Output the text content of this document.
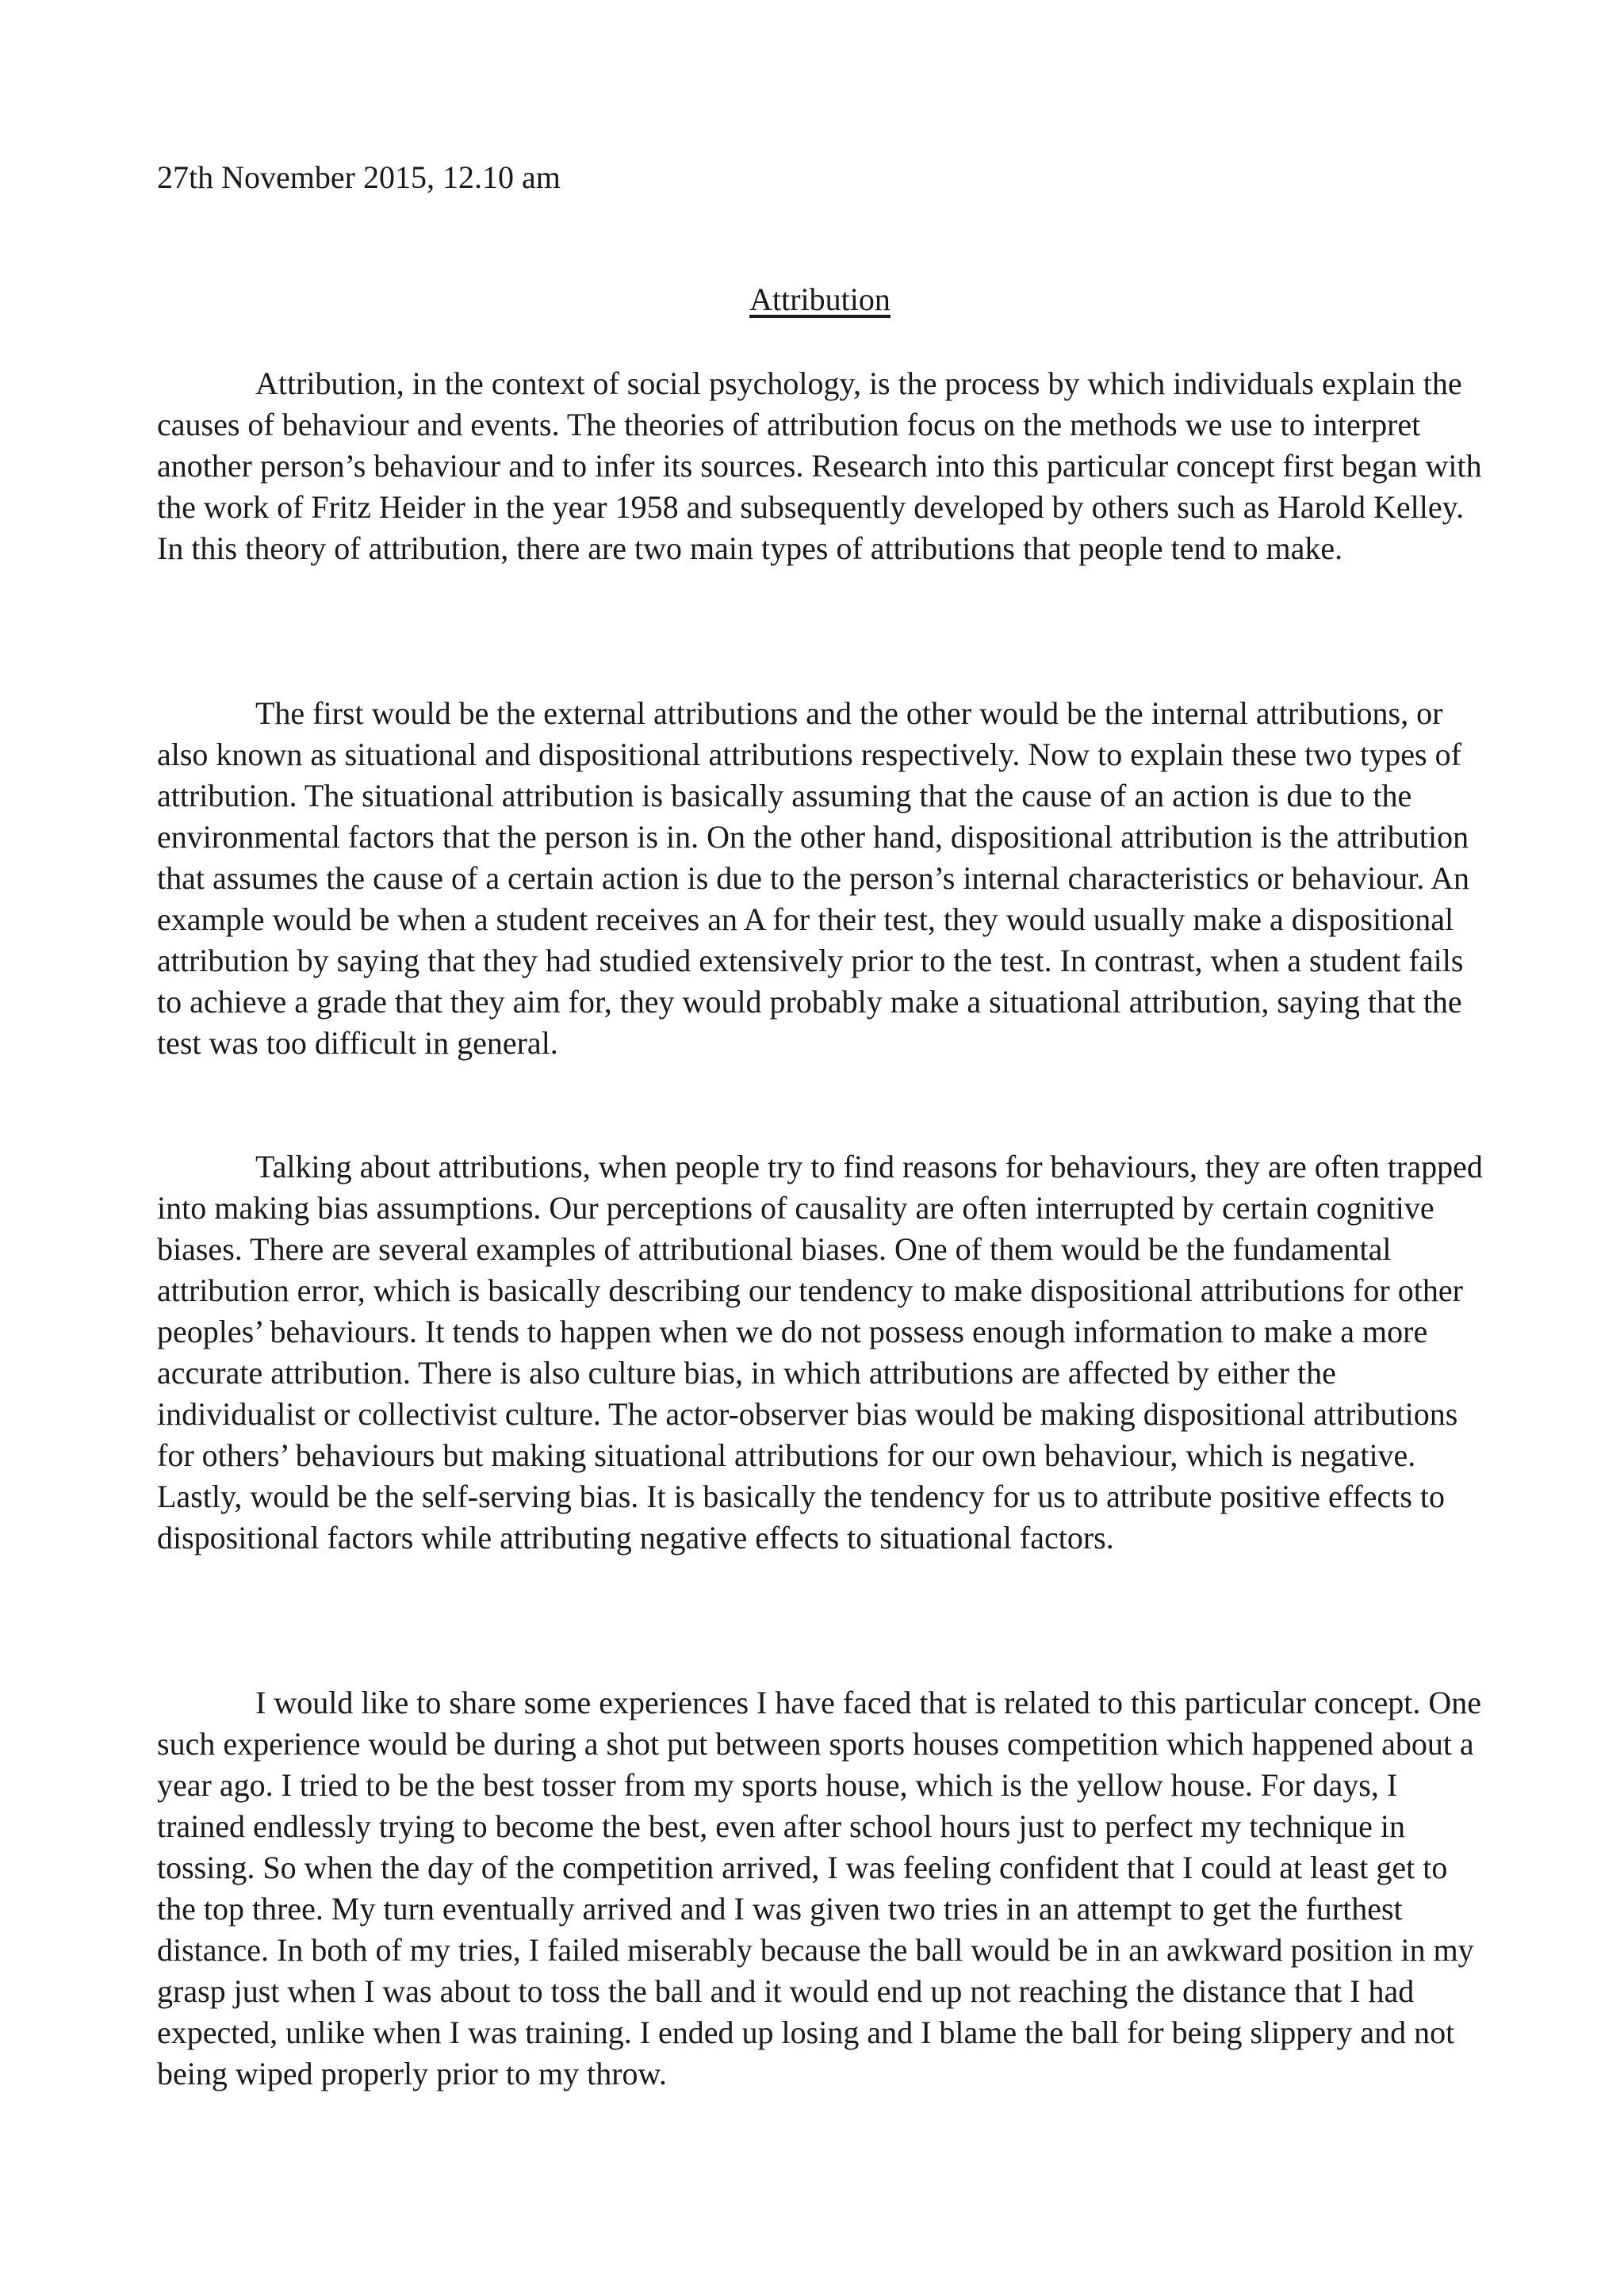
27th November 2015, 12.10 am

Attribution

Attribution, in the context of social psychology, is the process by which individuals explain the causes of behaviour and events. The theories of attribution focus on the methods we use to interpret another person’s behaviour and to infer its sources. Research into this particular concept first began with the work of Fritz Heider in the year 1958 and subsequently developed by others such as Harold Kelley. In this theory of attribution, there are two main types of attributions that people tend to make.

The first would be the external attributions and the other would be the internal attributions, or also known as situational and dispositional attributions respectively. Now to explain these two types of attribution. The situational attribution is basically assuming that the cause of an action is due to the environmental factors that the person is in. On the other hand, dispositional attribution is the attribution that assumes the cause of a certain action is due to the person’s internal characteristics or behaviour. An example would be when a student receives an A for their test, they would usually make a dispositional attribution by saying that they had studied extensively prior to the test. In contrast, when a student fails to achieve a grade that they aim for, they would probably make a situational attribution, saying that the test was too difficult in general.

Talking about attributions, when people try to find reasons for behaviours, they are often trapped into making bias assumptions. Our perceptions of causality are often interrupted by certain cognitive biases. There are several examples of attributional biases. One of them would be the fundamental attribution error, which is basically describing our tendency to make dispositional attributions for other peoples’ behaviours. It tends to happen when we do not possess enough information to make a more accurate attribution. There is also culture bias, in which attributions are affected by either the individualist or collectivist culture. The actor-observer bias would be making dispositional attributions for others’ behaviours but making situational attributions for our own behaviour, which is negative. Lastly, would be the self-serving bias. It is basically the tendency for us to attribute positive effects to dispositional factors while attributing negative effects to situational factors.

I would like to share some experiences I have faced that is related to this particular concept. One such experience would be during a shot put between sports houses competition which happened about a year ago. I tried to be the best tosser from my sports house, which is the yellow house. For days, I trained endlessly trying to become the best, even after school hours just to perfect my technique in tossing. So when the day of the competition arrived, I was feeling confident that I could at least get to the top three. My turn eventually arrived and I was given two tries in an attempt to get the furthest distance. In both of my tries, I failed miserably because the ball would be in an awkward position in my grasp just when I was about to toss the ball and it would end up not reaching the distance that I had expected, unlike when I was training. I ended up losing and I blame the ball for being slippery and not being wiped properly prior to my throw.
